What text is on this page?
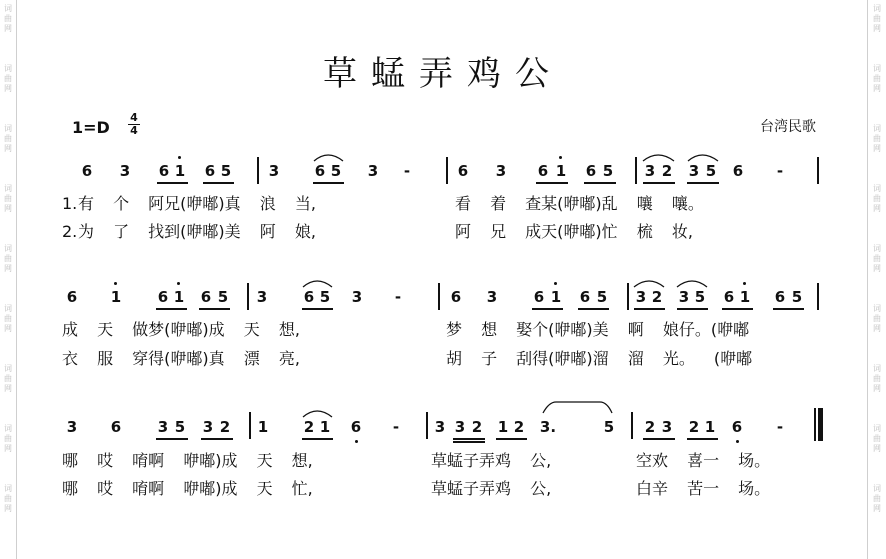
词
曲
网
词
曲
网
词
曲
网
词
曲
网
词
曲
网
词
曲
网
词
曲
网
词
曲
网
词
曲
网
词
曲
网
词
曲
网
词
曲
网
词
曲
网
词
曲
网
词
曲
网
词
曲
网
词
曲
网
词
曲
网
草蜢弄鸡公
1=D
4
4	台湾民歌
6 3 6 1 6 5	3 6 5 3 -	6 3 6 1 6 5 3 2 3 5 6 -
1. 有 个 阿兄(咿嘟)真 浪 当,	看 着 查某(咿嘟)乱 嚷 嚷。
2. 为 了 找到(咿嘟)美 阿 娘,	阿 兄 成天(咿嘟)忙 梳 妆,
6 1 6 1 6 5 3 6 5 3 -	6 3 6 1 6 5 3 2 3 5 6 1 6 5
成 天 做梦(咿嘟)成 天 想,	梦 想 娶个(咿嘟)美 啊 娘仔。(咿嘟
衣 服 穿得(咿嘟)真 漂 亮,	胡 子 刮得(咿嘟)溜 溜 光。 (咿嘟
3 6 3 5 3 2 1 2 1 6 - 3 3 2 1 2 3.	5 2 3 2 1 6 -
哪 哎 唷啊 咿嘟)成 天 想,	草蜢子弄鸡 公,	空欢 喜一 场。
哪 哎 唷啊 咿嘟)成 天 忙,	草蜢子弄鸡 公,	白辛 苦一 场。
